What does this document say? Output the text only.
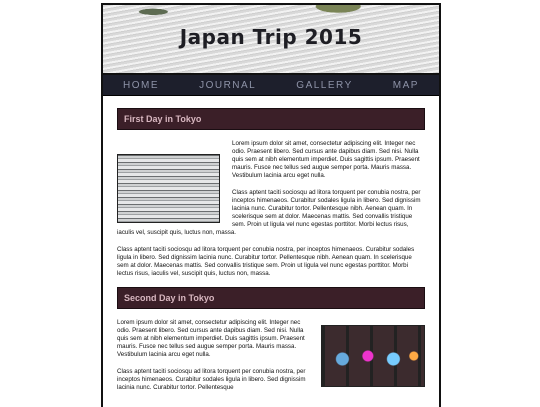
Japan Trip 2015
HOME	JOURNAL	GALLERY	MAP
First Day in Tokyo

Lorem ipsum dolor sit amet, consectetur adipiscing elit. Integer nec odio. Praesent libero. Sed cursus ante dapibus diam. Sed nisi. Nulla quis sem at nibh elementum imperdiet. Duis sagittis ipsum. Praesent mauris. Fusce nec tellus sed augue semper porta. Mauris massa. Vestibulum lacinia arcu eget nulla.

Class aptent taciti sociosqu ad litora torquent per conubia nostra, per inceptos himenaeos. Curabitur sodales ligula in libero. Sed dignissim lacinia nunc. Curabitur tortor. Pellentesque nibh. Aenean quam. In scelerisque sem at dolor. Maecenas mattis. Sed convallis tristique sem. Proin ut ligula vel nunc egestas porttitor. Morbi lectus risus, iaculis vel, suscipit quis, luctus non, massa.

Class aptent taciti sociosqu ad litora torquent per conubia nostra, per inceptos himenaeos. Curabitur sodales ligula in libero. Sed dignissim lacinia nunc. Curabitur tortor. Pellentesque nibh. Aenean quam. In scelerisque sem at dolor. Maecenas mattis. Sed convallis tristique sem. Proin ut ligula vel nunc egestas porttitor. Morbi lectus risus, iaculis vel, suscipit quis, luctus non, massa.

Second Day in Tokyo

Lorem ipsum dolor sit amet, consectetur adipiscing elit. Integer nec odio. Praesent libero. Sed cursus ante dapibus diam. Sed nisi. Nulla quis sem at nibh elementum imperdiet. Duis sagittis ipsum. Praesent mauris. Fusce nec tellus sed augue semper porta. Mauris massa. Vestibulum lacinia arcu eget nulla.

Class aptent taciti sociosqu ad litora torquent per conubia nostra, per inceptos himenaeos. Curabitur sodales ligula in libero. Sed dignissim lacinia nunc. Curabitur tortor. Pellentesque
